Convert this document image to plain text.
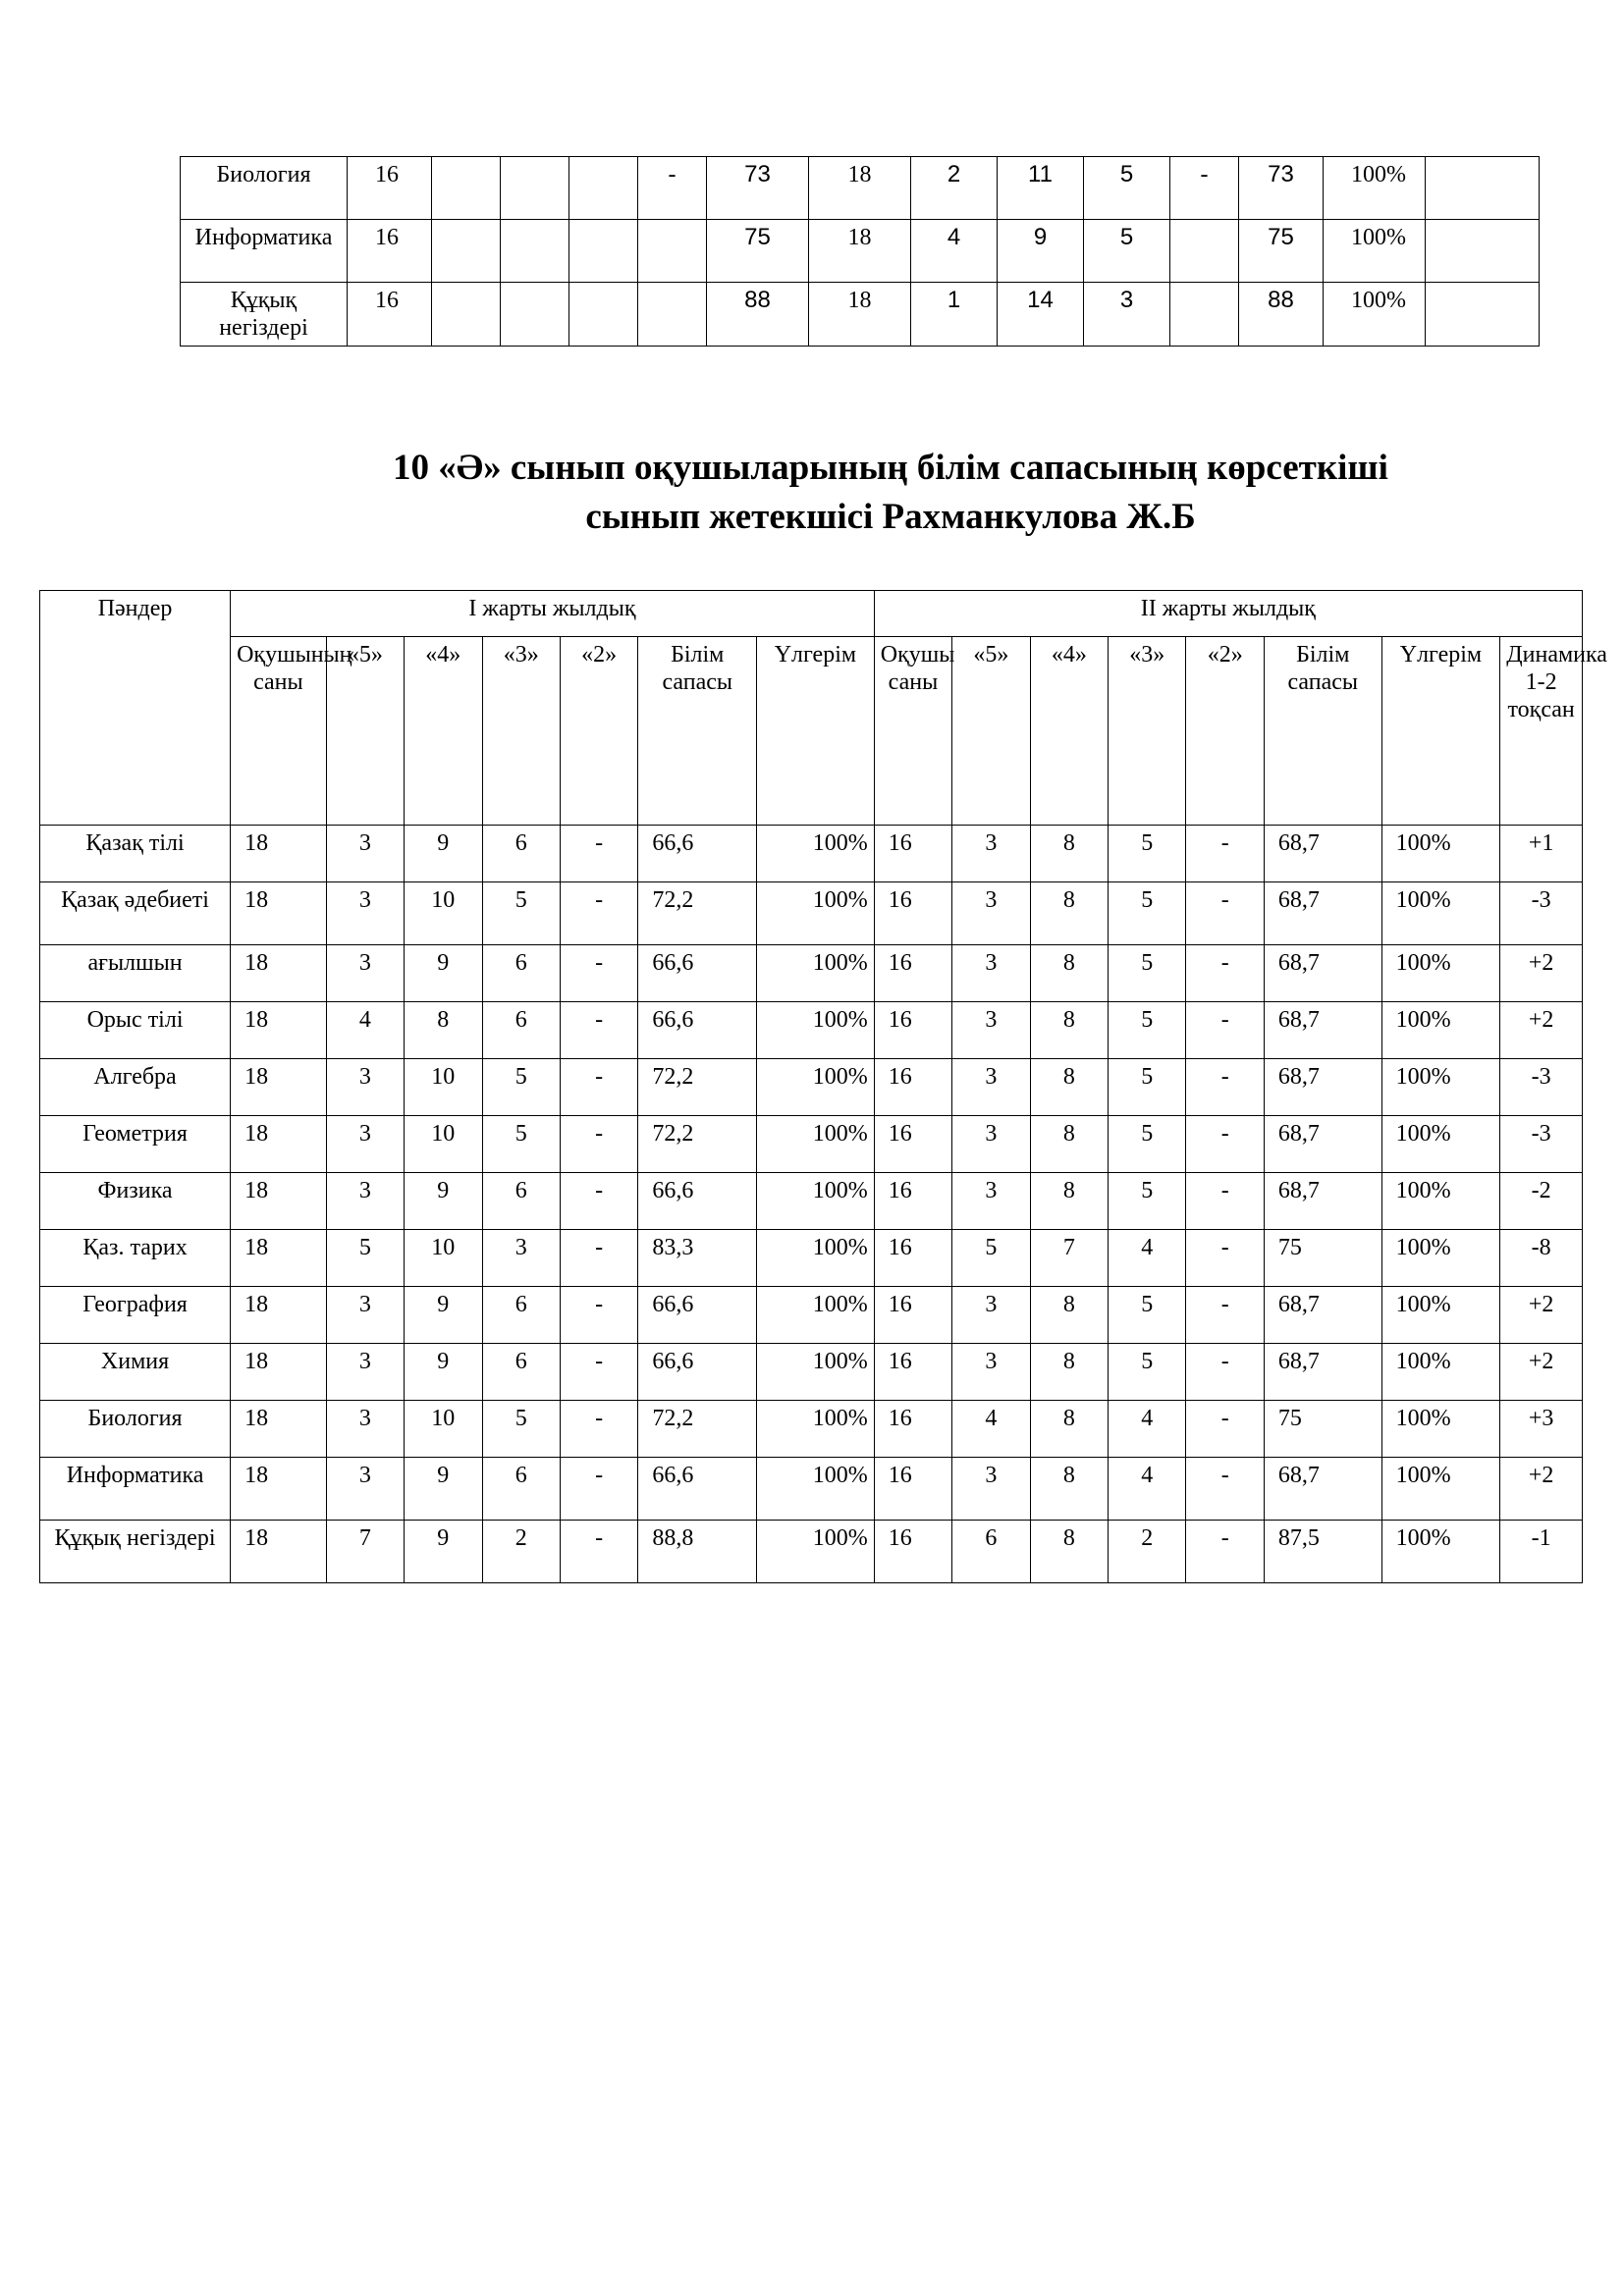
Биология	16				-	73	18	2	11	5	-	73	100%	
Информатика	16					75	18	4	9	5		75	100%	
Құқық негіздері	16					88	18	1	14	3		88	100%	
10 «Ә» сынып оқушыларының білім сапасының көрсеткіші
сынып жетекшісі Рахманкулова Ж.Б
Пәндер	I жарты жылдық							II жарты жылдық							
	Оқушының саны	«5»	«4»	«3»	«2»	Білім сапасы	Үлгерім	Оқушы саны	«5»	«4»	«3»	«2»	Білім сапасы	Үлгерім	Динамика 1-2 тоқсан
Қазақ тілі	18	3	9	6	-	66,6	100%	16	3	8	5	-	68,7	100%	+1
Қазақ әдебиеті	18	3	10	5	-	72,2	100%	16	3	8	5	-	68,7	100%	-3
ағылшын	18	3	9	6	-	66,6	100%	16	3	8	5	-	68,7	100%	+2
Орыс тілі	18	4	8	6	-	66,6	100%	16	3	8	5	-	68,7	100%	+2
Алгебра	18	3	10	5	-	72,2	100%	16	3	8	5	-	68,7	100%	-3
Геометрия	18	3	10	5	-	72,2	100%	16	3	8	5	-	68,7	100%	-3
Физика	18	3	9	6	-	66,6	100%	16	3	8	5	-	68,7	100%	-2
Қаз. тарих	18	5	10	3	-	83,3	100%	16	5	7	4	-	75	100%	-8
География	18	3	9	6	-	66,6	100%	16	3	8	5	-	68,7	100%	+2
Химия	18	3	9	6	-	66,6	100%	16	3	8	5	-	68,7	100%	+2
Биология	18	3	10	5	-	72,2	100%	16	4	8	4	-	75	100%	+3
Информатика	18	3	9	6	-	66,6	100%	16	3	8	4	-	68,7	100%	+2
Құқық негіздері	18	7	9	2	-	88,8	100%	16	6	8	2	-	87,5	100%	-1
